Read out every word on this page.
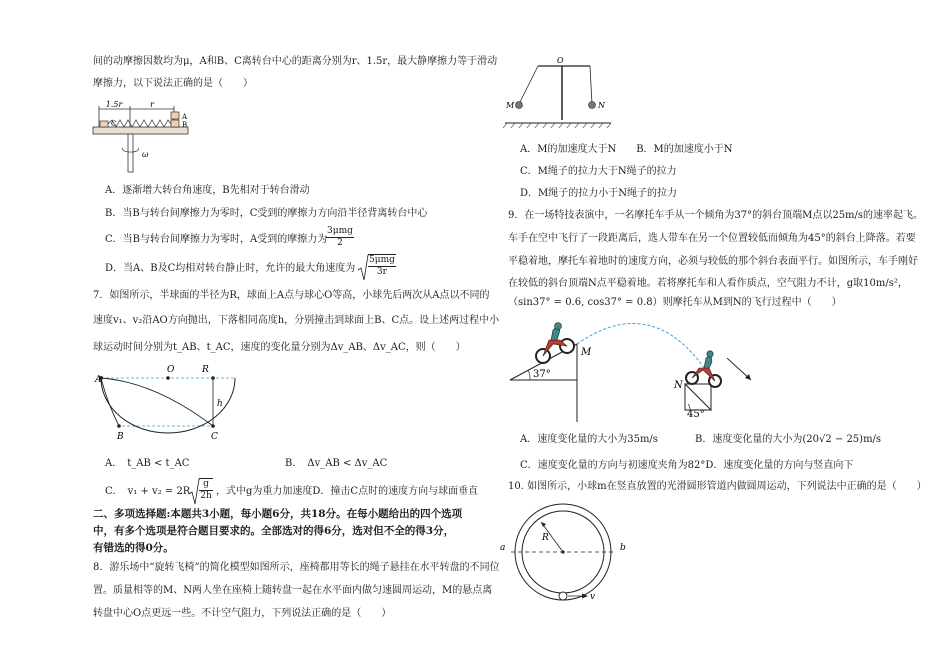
间的动摩擦因数均为μ，A和B、C离转台中心的距离分别为r、1.5r，最大静摩擦力等于滑动
摩擦力，以下说法正确的是（　　）
1.5r	r
C
A
B
ω
A．逐渐增大转台角速度，B先相对于转台滑动
B．当B与转台间摩擦力为零时，C受到的摩擦力方向沿半径背离转台中心
C．当B与转台间摩擦力为零时，A受到的摩擦力为
3μmg
2
D．当A、B及C均相对转台静止时，允许的最大角速度为
5μmg
3r
7．如图所示，半球面的半径为R，球面上A点与球心O等高，小球先后两次从A点以不同的
速度v₁、v₂沿AO方向抛出，下落相同高度h，分别撞击到球面上B、C点。设上述两过程中小
球运动时间分别为t_AB、t_AC，速度的变化量分别为Δv_AB、Δv_AC，则（　　）
A
O	R
h
B	C
A．　t_AB < t_AC	B．　Δv_AB < Δv_AC
C．　$v_1 + v_2 = 2R \frac{g}{2h}$ ，式中g为重力加速度D．撞击C点时的速度方向与球面垂直
二、多项选择题:本题共3小题，每小题6分，共18分。在每小题给出的四个选项
中，有多个选项是符合题目要求的。全部选对的得6分，选对但不全的得3分，
有错选的得0分。
8．游乐场中“旋转飞椅”的简化模型如图所示，座椅都用等长的绳子悬挂在水平转盘的不同位
置。质量相等的M、N两人坐在座椅上随转盘一起在水平面内做匀速圆周运动，M的悬点离
转盘中心O点更远一些。不计空气阻力，下列说法正确的是（　　）
O
M	N
A．M的加速度大于N　　B．M的加速度小于N
C．M绳子的拉力大于N绳子的拉力
D．M绳子的拉力小于N绳子的拉力
9．在一场特技表演中，一名摩托车手从一个倾角为37°的斜台顶端M点以25m/s的速率起飞。
车手在空中飞行了一段距离后，选人带车在另一个位置较低而倾角为45°的斜台上降落。若要
平稳着地，摩托车着地时的速度方向，必须与较低的那个斜台表面平行。如图所示，车手刚好
在较低的斜台顶端N点平稳着地。若将摩托车和人看作质点，空气阻力不计，g取10m/s²，
（sin37° = 0.6, cos37° = 0.8）则摩托车从M到N的飞行过程中（　　）
37°
M
45°
N
A．速度变化量的大小为35m/s	B．速度变化量的大小为(20√2 − 25)m/s
C．速度变化量的方向与初速度夹角为82°D．速度变化量的方向与竖直向下
10. 如图所示，小球m在竖直放置的光滑圆形管道内做圆周运动，下列说法中正确的是（　　）
R
a	b
v
